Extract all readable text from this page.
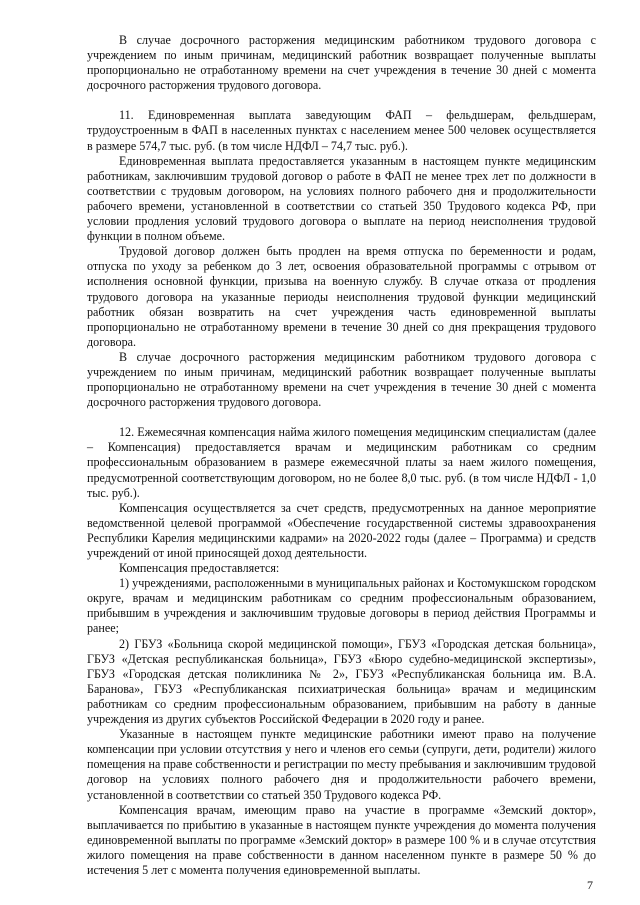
В случае досрочного расторжения медицинским работником трудового договора с учреждением по иным причинам, медицинский работник возвращает полученные выплаты пропорционально не отработанному времени на счет учреждения в течение 30 дней с момента досрочного расторжения трудового договора.

11. Единовременная выплата заведующим ФАП – фельдшерам, фельдшерам, трудоустроенным в ФАП в населенных пунктах с населением менее 500 человек осуществляется в размере 574,7 тыс. руб. (в том числе НДФЛ – 74,7 тыс. руб.).

Единовременная выплата предоставляется указанным в настоящем пункте медицинским работникам, заключившим трудовой договор о работе в ФАП не менее трех лет по должности в соответствии с трудовым договором, на условиях полного рабочего дня и продолжительности рабочего времени, установленной в соответствии со статьей 350 Трудового кодекса РФ, при условии продления условий трудового договора о выплате на период неисполнения трудовой функции в полном объеме.

Трудовой договор должен быть продлен на время отпуска по беременности и родам, отпуска по уходу за ребенком до 3 лет, освоения образовательной программы с отрывом от исполнения основной функции, призыва на военную службу. В случае отказа от продления трудового договора на указанные периоды неисполнения трудовой функции медицинский работник обязан возвратить на счет учреждения часть единовременной выплаты пропорционально не отработанному времени в течение 30 дней со дня прекращения трудового договора.

В случае досрочного расторжения медицинским работником трудового договора с учреждением по иным причинам, медицинский работник возвращает полученные выплаты пропорционально не отработанному времени на счет учреждения в течение 30 дней с момента досрочного расторжения трудового договора.

12. Ежемесячная компенсация найма жилого помещения медицинским специалистам (далее – Компенсация) предоставляется врачам и медицинским работникам со средним профессиональным образованием в размере ежемесячной платы за наем жилого помещения, предусмотренной соответствующим договором, но не более 8,0 тыс. руб. (в том числе НДФЛ - 1,0 тыс. руб.).

Компенсация осуществляется за счет средств, предусмотренных на данное мероприятие ведомственной целевой программой «Обеспечение государственной системы здравоохранения Республики Карелия медицинскими кадрами» на 2020-2022 годы (далее – Программа) и средств учреждений от иной приносящей доход деятельности.

Компенсация предоставляется:

1) учреждениями, расположенными в муниципальных районах и Костомукшском городском округе, врачам и медицинским работникам со средним профессиональным образованием, прибывшим в учреждения и заключившим трудовые договоры в период действия Программы и ранее;

2) ГБУЗ «Больница скорой медицинской помощи», ГБУЗ «Городская детская больница», ГБУЗ «Детская республиканская больница», ГБУЗ «Бюро судебно-медицинской экспертизы», ГБУЗ «Городская детская поликлиника № 2», ГБУЗ «Республиканская больница им. В.А. Баранова», ГБУЗ «Республиканская психиатрическая больница» врачам и медицинским работникам со средним профессиональным образованием, прибывшим на работу в данные учреждения из других субъектов Российской Федерации в 2020 году и ранее.

Указанные в настоящем пункте медицинские работники имеют право на получение компенсации при условии отсутствия у него и членов его семьи (супруги, дети, родители) жилого помещения на праве собственности и регистрации по месту пребывания и заключившим трудовой договор на условиях полного рабочего дня и продолжительности рабочего времени, установленной в соответствии со статьей 350 Трудового кодекса РФ.

Компенсация врачам, имеющим право на участие в программе «Земский доктор», выплачивается по прибытию в указанные в настоящем пункте учреждения до момента получения единовременной выплаты по программе «Земский доктор» в размере 100 % и в случае отсутствия жилого помещения на праве собственности в данном населенном пункте в размере 50 % до истечения 5 лет с момента получения единовременной выплаты.

7
